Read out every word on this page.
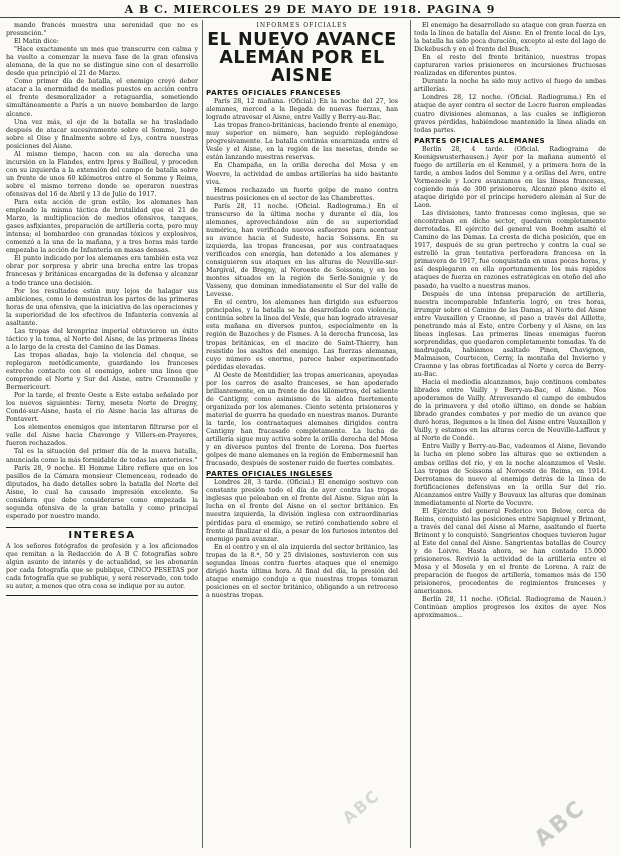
A B C. MIERCOLES 29 DE MAYO DE 1918. PAGINA 9

mando francés muestra una serenidad que no es presunción."

El Matin dice:

"Hace exactamente un mes que transcurre con calma y ha vuelto a comenzar la nueva fase de la gran ofensiva alemana, de la que no se distingue sino con el desarrollo desde que principió el 21 de Marzo.

Como primer día de batalla, el enemigo creyó deber atacar a la enormidad de medios puestos en acción contra el frente desmoralizador a retaguardia, sometiendo simultáneamente a París a un nuevo bombardeo de largo alcance.

Una vez más, el eje de la batalla se ha trasladado después de atacar sucesivamente sobre el Somme, luego sobre el Oise y finalmente sobre el Lys, contra nuestras posiciones del Aisne.

Al mismo tiempo, hacen con su ala derecha una incursión en la Flandes, entre Ipres y Bailleul, y proceden con su izquierda a la extensión del campo de batalla sobre un frente de unos 60 kilómetros entre el Somme y Reims, sobre el mismo terreno donde se operaron nuestras ofensivas del 16 de Abril y 13 de Julio de 1917.

Para esta acción de gran estilo, los alemanes han empleado la misma táctica de brutalidad que el 21 de Marzo, la multiplicación de medios ofensivos, tanques, gases asfixiantes, preparación de artillería corta, pero muy intensa; el bombardeo con granadas tóxicos y explosivos, comenzó a la una de la mañana, y a tres horas más tarde empezaba la acción de Infantería en masas densas.

El punto indicado por los alemanes era también esta vez obrar por sorpresa y abrir una brecha entre las tropas francesas y británicas encargadas de la defensa y alcanzar a todo trance una decisión.

Por los resultados están muy lejos de halagar sus ambiciones, como lo demuestran los partes de las primeras horas de una ofensiva, que la iniciativa de las operaciones y la superioridad de los efectivos de Infantería convenía al asaltante.

Las tropas del kronprinz imperial obtuvieron un éxito táctico y la toma, al Norte del Aisne, de las primeras líneas a lo largo de la cresta del Camino de las Damas.

Las tropas aliadas, bajo la violencia del choque, se replegaron metódicamente, guardando los franceses estrecho contacto con el enemigo, sobre una línea que comprende el Norte y Sur del Aisne, entre Craonnelle y Bermericourt.

Por la tarde, el frente Oeste a Este estaba señalado por los nuevos siguientes: Terny, meseta Norte de Dregny, Condé-sur-Aisne, hasta el río Aisne hacia las alturas de Pontavert.

Los elementos enemigos que intentaron filtrarse por el valle del Aisne hacia Chavonge y Villers-en-Prayeres, fueron rechazados.

Tal es la situación del primer día de la nueva batalla, anunciada como la más formidable de todas las anteriores."

París 28, 9 noche. El Homme Libre refiere que en los pasillos de la Cámara monsieur Clemenceau, rodeado de diputados, ha dado detalles sobre la batalla del Norte del Aisne, lo cual ha causado impresión excelente. Se considera que debe considerarse como empezada la segunda ofensiva de la gran batalla y como principal esperado por nuestro mando.

INTERESA
A los señores fotógrafos de profesión y a los aficionados que remitan a la Redacción de A B C fotografías sobre algún asunto de interés y de actualidad, se les abonarán por cada fotografía que se publique, CINCO PESETAS por cada fotografía que se publique, y será reservado, con todo su autor, a menos que otra cosa se indique por su autor.
INFORMES OFICIALES
EL NUEVO AVANCE ALEMÁN POR EL AISNE
PARTES OFICIALES FRANCESES

París 28, 12 mañana. (Oficial.) En la noche del 27, los alemanes, merced a la llegada de nuevas fuerzas, han logrado atravesar el Aisne, entre Vailly y Berry-au-Bac.

Las tropas franco-británicas, haciendo frente al enemigo, muy superior en número, han seguido replegándose progresivamente. La batalla continúa encarnizada entre el Vesle y el Aisne, en la región de las mesetas, donde se están lanzando nuestras reservas.

En Champaña, en la orilla derecha del Mosa y en Woevre, la actividad de ambas artillerías ha sido bastante viva.

Hemos rechazado un fuerte golpe de mano contra nuestras posiciones en el sector de las Chambrettes.

París 28, 11 noche. (Oficial. Radiograma.) En el transcurso de la última noche y durante el día, los alemanes, aprovechándose aún de su superioridad numérica, han verificado nuevos esfuerzos para acentuar su avance hacia el Sudeste, hacia Soissons. En su izquierda, las tropas francesas, por sus contraataques verificados con energía, han detenido a los alemanes y consiguieron sus ataques en las alturas de Neuville-sur-Margival, de Bregny, al Noroeste de Soissons, y en los montes situados en la región de Serle-Sauignie y de Vasseny, que dominan inmediatamente el Sur del valle de Levesse.

En el centro, los alemanes han dirigido sus esfuerzos principales, y la batalla se ha desarrollado con violencia, continúa sobre la línea del Vesle, que han logrado atravesar esta mañana en diversos puntos, especialmente en la región de Bazoches y de Fismes. A la derecha francesa, las tropas británicas, en el macizo de Saint-Thierry, han resistido los asaltos del enemigo. Las fuerzas alemanas, cuyo número es enorme, parece haber experimentado pérdidas elevadas.

Al Oeste de Montdidier, las tropas americanas, apoyadas por los carros de asalto franceses, se han apoderado brillantemente, en un frente de dos kilómetros, del saliente de Cantigny, como asimismo de la aldea fuertemente organizada por los alemanes. Ciento setenta prisioneros y material de guerra ha quedado en nuestras manos. Durante la tarde, los contraataques alemanes dirigidos contra Cantigny han fracasado completamente. La lucha de artillería sigue muy activa sobre la orilla derecha del Mosa y en diversos puntos del frente de Lorena. Dos fuertes golpes de mano alemanes en la región de Embermesnil han fracasado, después de sostener ruido de fuertes combates.

PARTES OFICIALES INGLESES

Londres 28, 3 tarde. (Oficial.) El enemigo sostuvo con constante presión todo el día de ayer contra las tropas inglesas que peleaban en el frente del Aisne. Sigue aún la lucha en el frente del Aisne en el sector británico. En nuestra izquierda, la división inglesa con extraordinarias pérdidas para el enemigo, se retiró combatiendo sobre el frente al finalizar el día, a pesar de los furiosos intentos del enemigo para avanzar.

En el centro y en el ala izquierda del sector británico, las tropas de la 8.ª, 50 y 25 divisiones, sostuvieron con sus segundas líneas contra fuertes ataques que el enemigo dirigió hasta última hora. Al final del día, la presión del ataque enemigo condujo a que nuestras tropas tomaran posiciones en el sector británico, obligando a un retroceso a nuestras tropas.

El enemigo ha desarrollado su ataque con gran fuerza en toda la línea de batalla del Aisne. En el frente local de Lys, la batalla ha sido poca duración, excepto al este del lago de Dickebusch y en el frente del Busch.

En el resto del frente británico, nuestras tropas capturaron varios prisioneros en incursiones fructuosas realizadas en diferentes puntos.

Durante la noche ha sido muy activo el fuego de ambas artillerías.

Londres 28, 12 noche. (Oficial. Radiograma.) En el ataque de ayer contra el sector de Locre fueron empleadas cuatro divisiones alemanas, a las cuales se infligieron graves pérdidas, habiéndose mantenido la línea aliada en todas partes.

PARTES OFICIALES ALEMANES

Berlín 28, 4 tarde. (Oficial. Radiograma de Koenigswusterhausen.) Ayer por la mañana aumentó el fuego de artillería en el Kemmel, y a primera hora de la tarde, a ambos lados del Somme y a orillas del Avre, entre Vormezeele y Locre avanzamos en las líneas francesas, cogiendo más de 300 prisioneros. Alcanzó pleno éxito el ataque dirigido por el príncipe heredero alemán al Sur de Laon.

Las divisiones, tanto francesas como inglesas, que se encontraban en dicho sector, quedaron completamente derrotadas. El ejército del general von Boehm asaltó el Camino de las Damas. La cresta de dicha posición, que en 1917, después de su gran pertrecho y contra la cual se estrelló la gran tentativa perforadora francesa en la primavera de 1917, fue conquistada en unas pocas horas, y así desplegaron en ella oportunamente los más rápidos ataques de fuerza en razones estratégicas en otoño del año pasado, ha vuelto a nuestras manos.

Después de una intensa preparación de artillería, nuestra incomparable Infantería logró, en tres horas, irrumpir sobre el Camino de las Damas, al Norte del Aisne entre Vauxaillon y Craonne, el paso a través del Aillette, penetrando más al Este, entre Corbeny y el Aisne, en las líneas inglesas. Las primeras líneas enemigas fueron sorprendidas, que quedaron completamente tomadas. Ya de madrugada, habíamos asaltado Pinon, Chavignon, Malmaison, Courtecon, Cerny, la montaña del Invierno y Craonne y las obras fortificadas al Norte y cerca de Berry-au-Bac.

Hacia el mediodía alcanzamos, bajo continuos combates librados entre Vailly y Berry-au-Bac, el Aisne. Nos apoderamos de Vailly. Atravesando el campo de embudos de la primavera y del otoño último, en donde se habían librado grandes combates y por medio de un avance que duró horas, llegamos a la línea del Aisne entre Vauxaillon y Vailly, y estamos en las alturas cerca de Neuville-Laffaux y al Norte de Condé.

Entre Vailly y Berry-au-Bac, vadeamos el Aisne, llevando la lucha en pleno sobre las alturas que se extienden a ambas orillas del río, y en la noche alcanzamos el Vesle. Las tropas de Soissons al Noroeste de Reims, en 1914. Derrotamos de nuevo al enemigo detrás de la línea de fortificaciones defensivas en la orilla Sur del río. Alcanzamos entre Vailly y Bouvaux las alturas que dominan inmediatamente al Norte de Vocuvre.

El Ejército del general Federico von Below, cerca de Reims, conquistó las posiciones entre Sapignuel y Brimont, a través del canal del Aisne al Marne, asaltando el fuerte Brimont y lo conquistó. Sangrientos choques tuvieron lugar al Este del canal del Aisne. Sangrientas batallas de Courcy y de Loivre. Hasta ahora, se han contado 15.000 prisioneros. Revivió la actividad de la artillería entre el Mosa y el Mosela y en el frente de Lorena. A raíz de preparación de fuegos de artillería, tomamos más de 150 prisioneros, procedentes de regimientos franceses y americanos.

Berlín 28, 11 noche. (Oficial. Radiograma de Nauen.) Continúan amplios progresos los éxitos de ayer. Nos aproximamos...

ABC
ABC
